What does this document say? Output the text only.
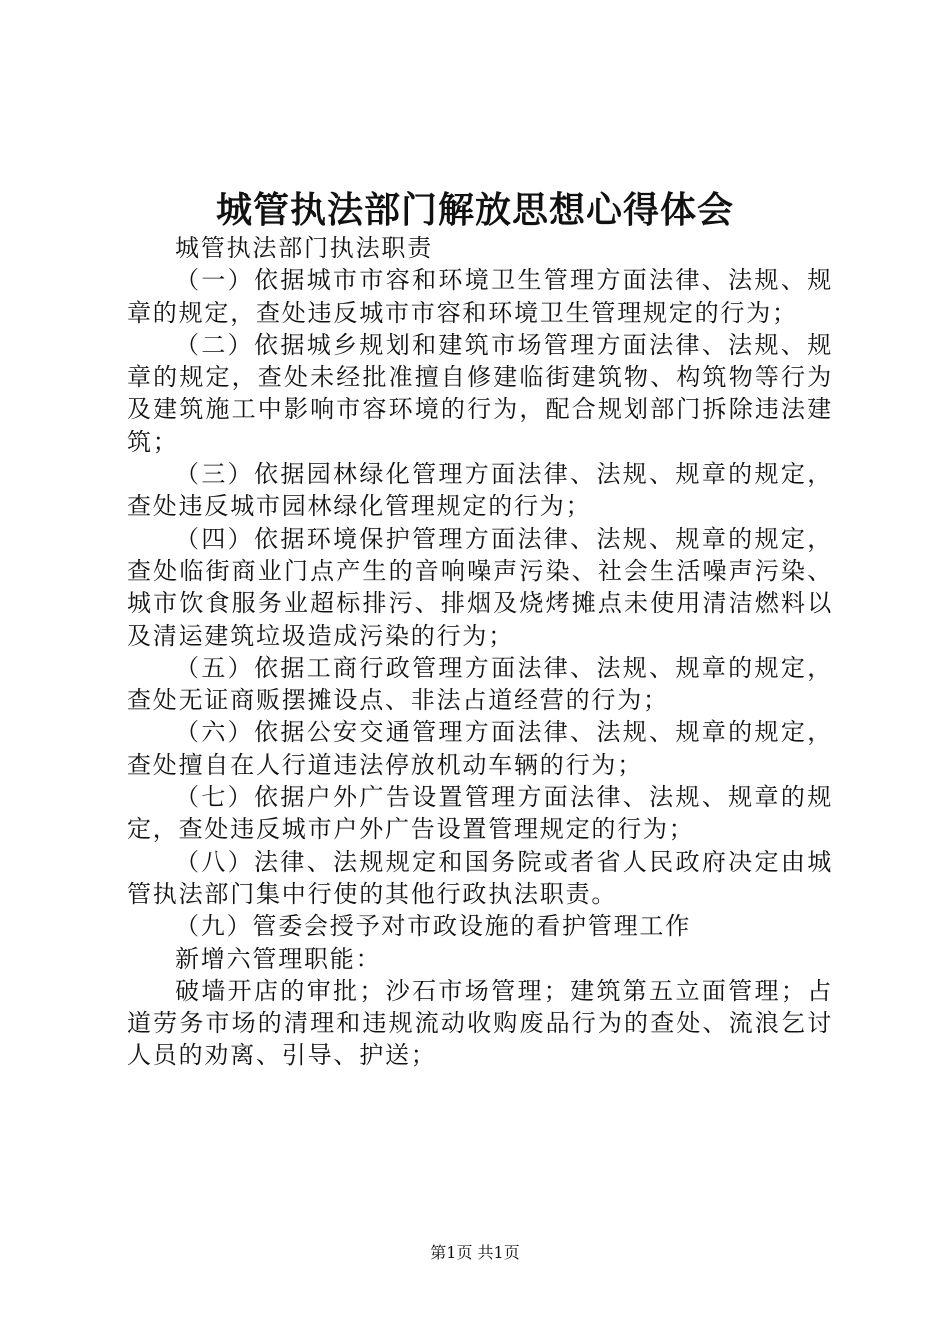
城管执法部门解放思想心得体会

城管执法部门执法职责

（一）依据城市市容和环境卫生管理方面法律、法规、规章的规定，查处违反城市市容和环境卫生管理规定的行为；

（二）依据城乡规划和建筑市场管理方面法律、法规、规章的规定，查处未经批准擅自修建临街建筑物、构筑物等行为及建筑施工中影响市容环境的行为，配合规划部门拆除违法建筑；

（三）依据园林绿化管理方面法律、法规、规章的规定，查处违反城市园林绿化管理规定的行为；

（四）依据环境保护管理方面法律、法规、规章的规定，查处临街商业门点产生的音响噪声污染、社会生活噪声污染、城市饮食服务业超标排污、排烟及烧烤摊点未使用清洁燃料以及清运建筑垃圾造成污染的行为；

（五）依据工商行政管理方面法律、法规、规章的规定，查处无证商贩摆摊设点、非法占道经营的行为；

（六）依据公安交通管理方面法律、法规、规章的规定，查处擅自在人行道违法停放机动车辆的行为；

（七）依据户外广告设置管理方面法律、法规、规章的规定，查处违反城市户外广告设置管理规定的行为；

（八）法律、法规规定和国务院或者省人民政府决定由城管执法部门集中行使的其他行政执法职责。

（九）管委会授予对市政设施的看护管理工作

新增六管理职能：

破墙开店的审批；沙石市场管理；建筑第五立面管理；占道劳务市场的清理和违规流动收购废品行为的查处、流浪乞讨人员的劝离、引导、护送；

第1页 共1页
